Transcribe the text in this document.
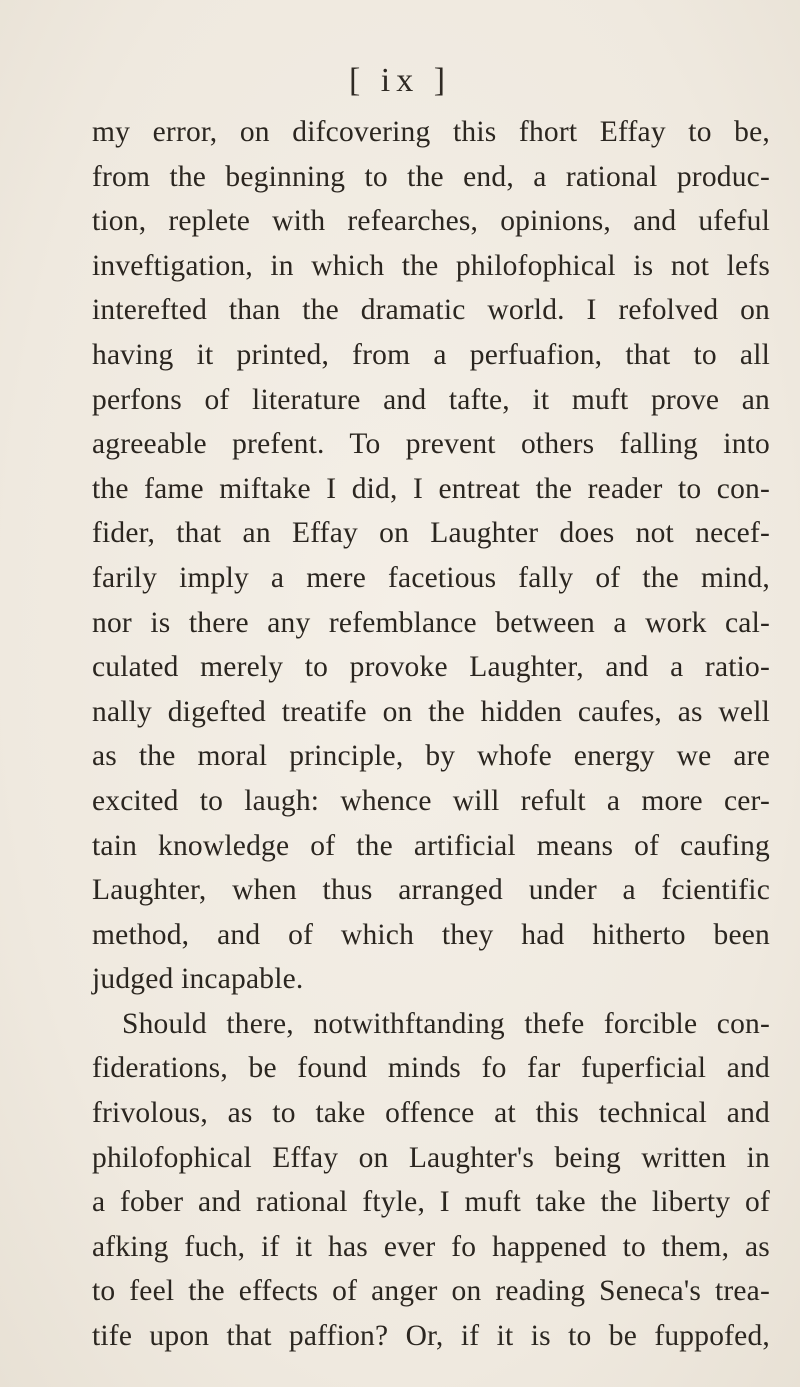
[ ix ]
my error, on difcovering this fhort Effay to be,
from the beginning to the end, a rational produc-
tion, replete with refearches, opinions, and ufeful
inveftigation, in which the philofophical is not lefs
interefted than the dramatic world. I refolved on
having it printed, from a perfuafion, that to all
perfons of literature and tafte, it muft prove an
agreeable prefent. To prevent others falling into
the fame miftake I did, I entreat the reader to con-
fider, that an Effay on Laughter does not necef-
farily imply a mere facetious fally of the mind,
nor is there any refemblance between a work cal-
culated merely to provoke Laughter, and a ratio-
nally digefted treatife on the hidden caufes, as well
as the moral principle, by whofe energy we are
excited to laugh: whence will refult a more cer-
tain knowledge of the artificial means of caufing
Laughter, when thus arranged under a fcientific
method, and of which they had hitherto been
judged incapable.
Should there, notwithftanding thefe forcible con-
fiderations, be found minds fo far fuperficial and
frivolous, as to take offence at this technical and
philofophical Effay on Laughter's being written in
a fober and rational ftyle, I muft take the liberty of
afking fuch, if it has ever fo happened to them, as
to feel the effects of anger on reading Seneca's trea-
tife upon that paffion? Or, if it is to be fuppofed,
